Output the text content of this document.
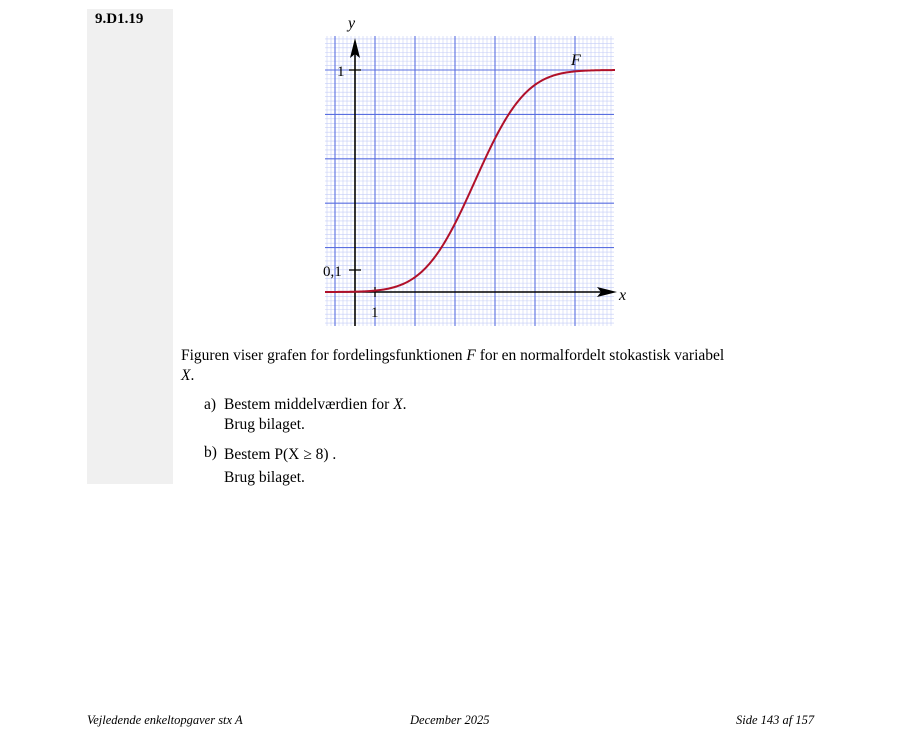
9.D1.19	y
x
F
1
0,1
1
Figuren viser grafen for fordelingsfunktionen F for en normalfordelt stokastisk variabel X.
a) Bestem middelværdien for X.
Brug bilaget.
b) Bestem P(X ≥ 8) .
Brug bilaget.
Vejledende enkeltopgaver stx A	December 2025	Side 143 af 157
